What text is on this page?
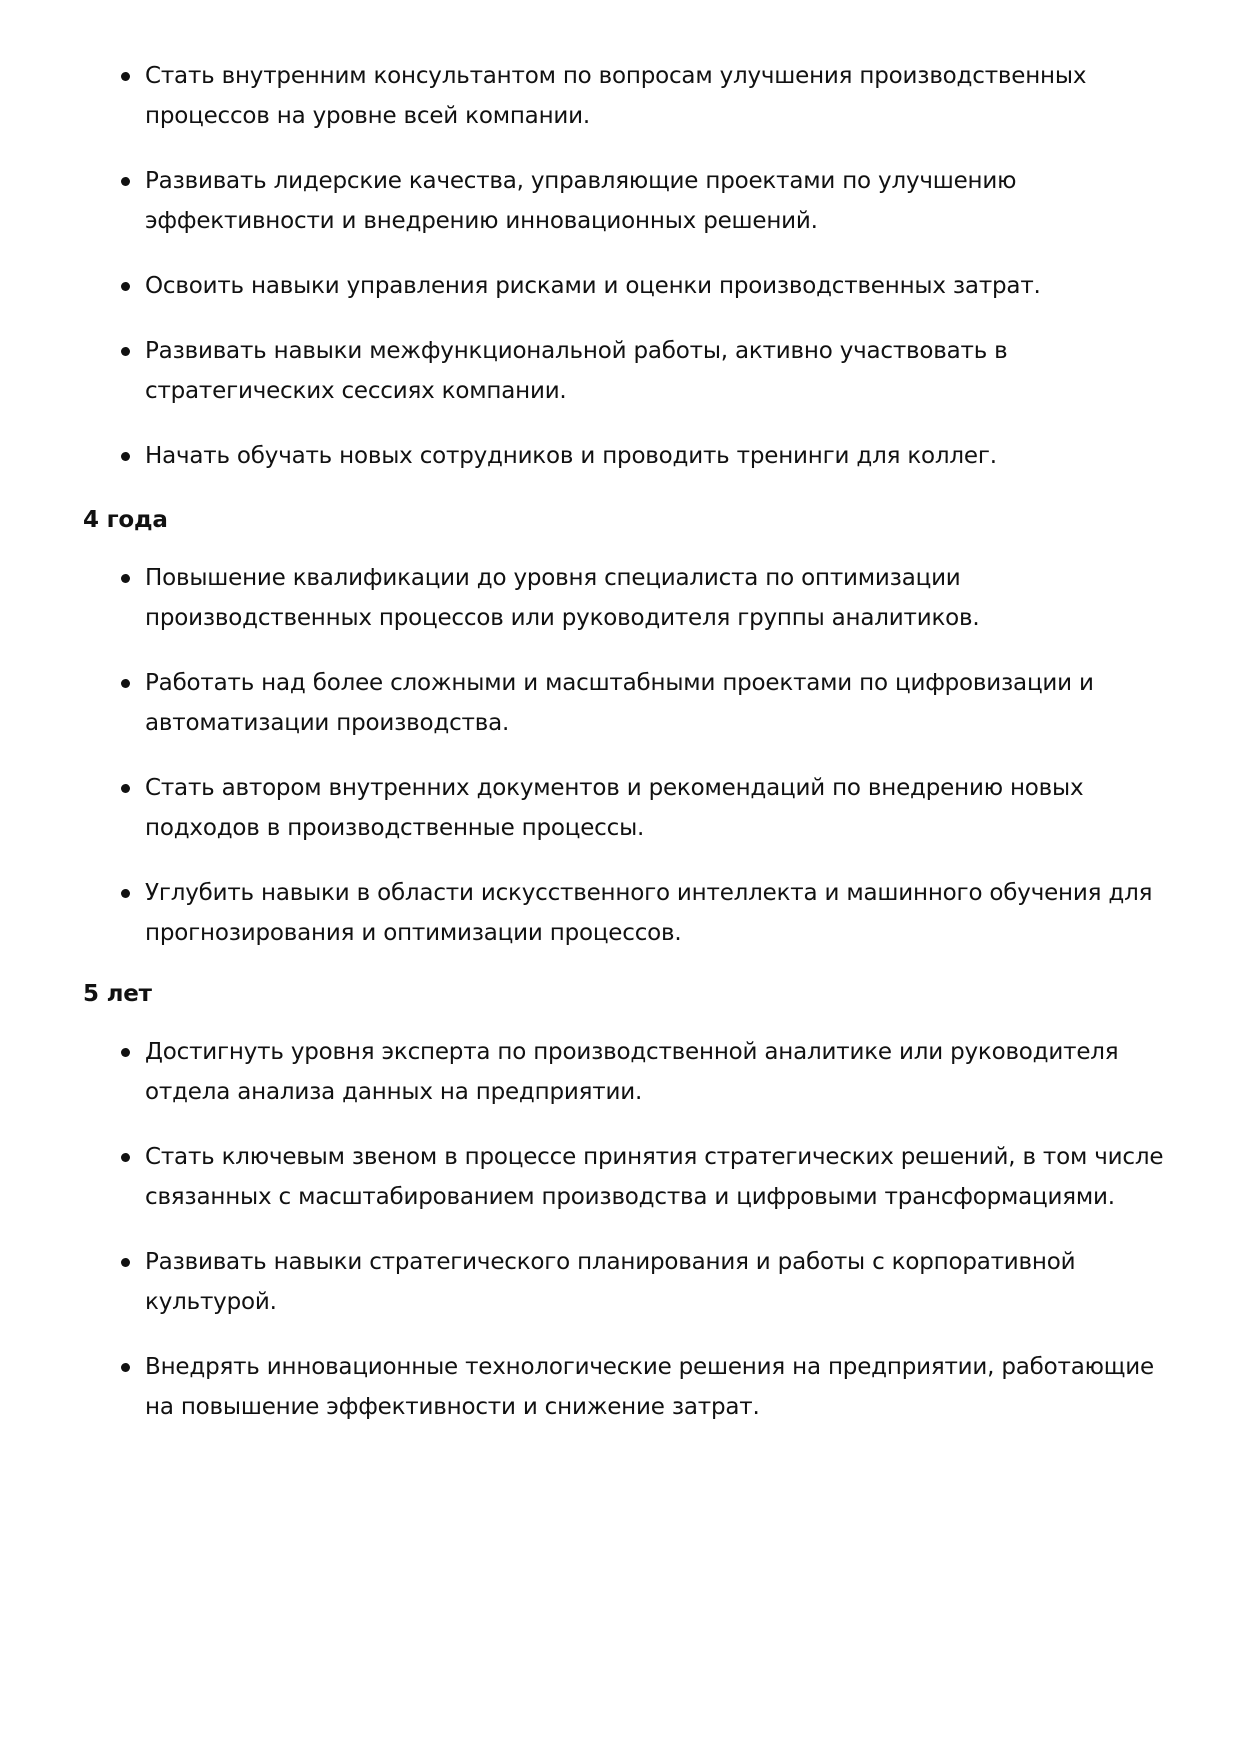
Стать внутренним консультантом по вопросам улучшения производственных процессов на уровне всей компании.
Развивать лидерские качества, управляющие проектами по улучшению эффективности и внедрению инновационных решений.
Освоить навыки управления рисками и оценки производственных затрат.
Развивать навыки межфункциональной работы, активно участвовать в стратегических сессиях компании.
Начать обучать новых сотрудников и проводить тренинги для коллег.

4 года

Повышение квалификации до уровня специалиста по оптимизации производственных процессов или руководителя группы аналитиков.
Работать над более сложными и масштабными проектами по цифровизации и автоматизации производства.
Стать автором внутренних документов и рекомендаций по внедрению новых подходов в производственные процессы.
Углубить навыки в области искусственного интеллекта и машинного обучения для прогнозирования и оптимизации процессов.

5 лет

Достигнуть уровня эксперта по производственной аналитике или руководителя отдела анализа данных на предприятии.
Стать ключевым звеном в процессе принятия стратегических решений, в том числе связанных с масштабированием производства и цифровыми трансформациями.
Развивать навыки стратегического планирования и работы с корпоративной культурой.
Внедрять инновационные технологические решения на предприятии, работающие на повышение эффективности и снижение затрат.
